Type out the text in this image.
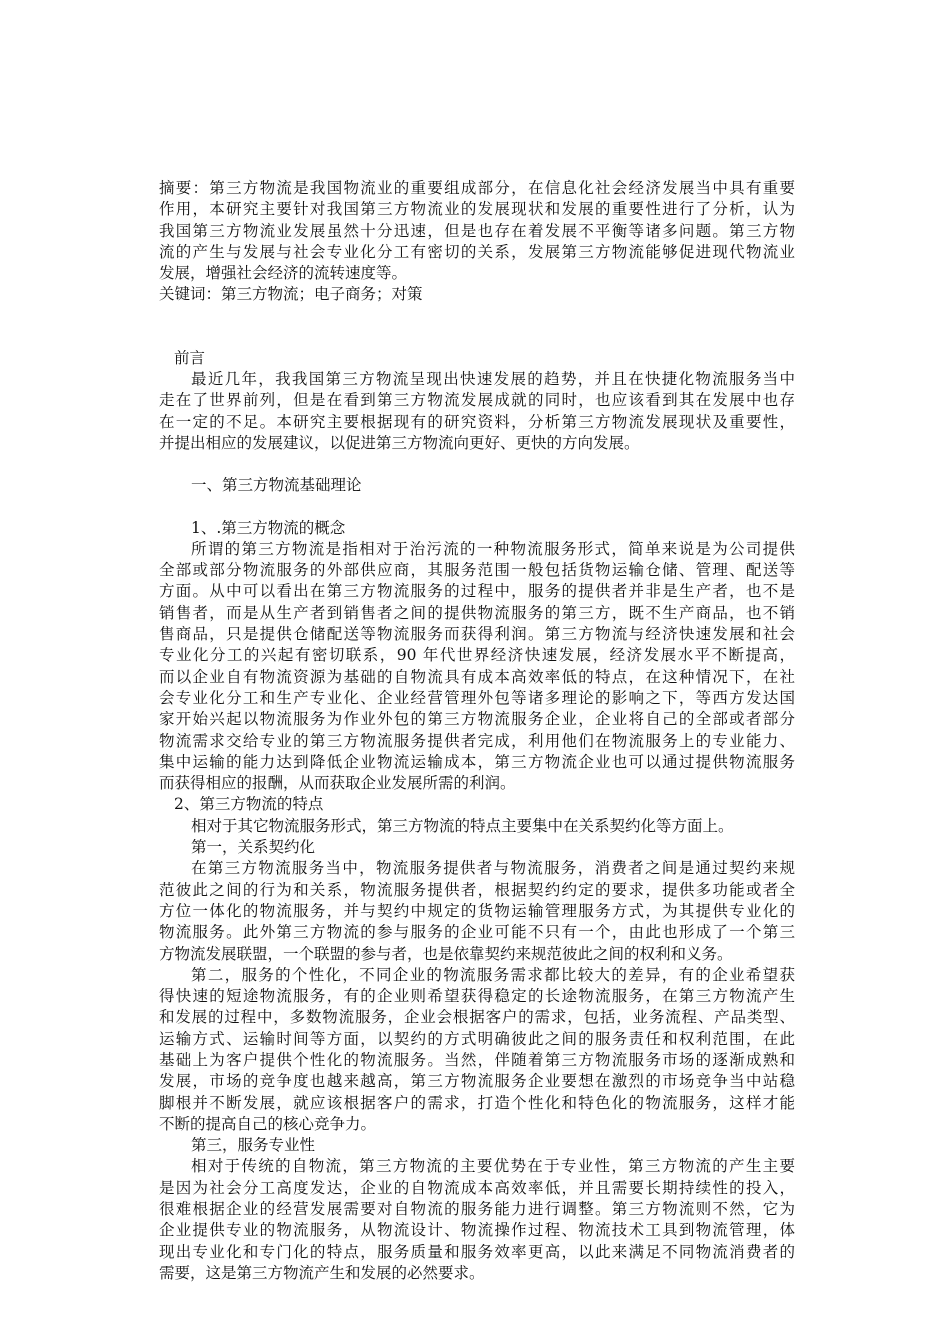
摘要：第三方物流是我国物流业的重要组成部分，在信息化社会经济发展当中具有重要
作用，本研究主要针对我国第三方物流业的发展现状和发展的重要性进行了分析，认为
我国第三方物流业发展虽然十分迅速，但是也存在着发展不平衡等诸多问题。第三方物
流的产生与发展与社会专业化分工有密切的关系，发展第三方物流能够促进现代物流业
发展，增强社会经济的流转速度等。
关键词：第三方物流；电子商务；对策
前言
最近几年，我我国第三方物流呈现出快速发展的趋势，并且在快捷化物流服务当中
走在了世界前列，但是在看到第三方物流发展成就的同时，也应该看到其在发展中也存
在一定的不足。本研究主要根据现有的研究资料，分析第三方物流发展现状及重要性，
并提出相应的发展建议，以促进第三方物流向更好、更快的方向发展。
一、第三方物流基础理论
1、.第三方物流的概念
所谓的第三方物流是指相对于治污流的一种物流服务形式，简单来说是为公司提供
全部或部分物流服务的外部供应商，其服务范围一般包括货物运输仓储、管理、配送等
方面。从中可以看出在第三方物流服务的过程中，服务的提供者并非是生产者，也不是
销售者，而是从生产者到销售者之间的提供物流服务的第三方，既不生产商品，也不销
售商品，只是提供仓储配送等物流服务而获得利润。第三方物流与经济快速发展和社会
专业化分工的兴起有密切联系，90 年代世界经济快速发展，经济发展水平不断提高，
而以企业自有物流资源为基础的自物流具有成本高效率低的特点，在这种情况下，在社
会专业化分工和生产专业化、企业经营管理外包等诸多理论的影响之下，等西方发达国
家开始兴起以物流服务为作业外包的第三方物流服务企业，企业将自己的全部或者部分
物流需求交给专业的第三方物流服务提供者完成，利用他们在物流服务上的专业能力、
集中运输的能力达到降低企业物流运输成本，第三方物流企业也可以通过提供物流服务
而获得相应的报酬，从而获取企业发展所需的利润。
2、第三方物流的特点
相对于其它物流服务形式，第三方物流的特点主要集中在关系契约化等方面上。
第一，关系契约化
在第三方物流服务当中，物流服务提供者与物流服务，消费者之间是通过契约来规
范彼此之间的行为和关系，物流服务提供者，根据契约约定的要求，提供多功能或者全
方位一体化的物流服务，并与契约中规定的货物运输管理服务方式，为其提供专业化的
物流服务。此外第三方物流的参与服务的企业可能不只有一个，由此也形成了一个第三
方物流发展联盟，一个联盟的参与者，也是依靠契约来规范彼此之间的权利和义务。
第二，服务的个性化，不同企业的物流服务需求都比较大的差异，有的企业希望获
得快速的短途物流服务，有的企业则希望获得稳定的长途物流服务，在第三方物流产生
和发展的过程中，多数物流服务，企业会根据客户的需求，包括，业务流程、产品类型、
运输方式、运输时间等方面，以契约的方式明确彼此之间的服务责任和权利范围，在此
基础上为客户提供个性化的物流服务。当然，伴随着第三方物流服务市场的逐渐成熟和
发展，市场的竞争度也越来越高，第三方物流服务企业要想在激烈的市场竞争当中站稳
脚根并不断发展，就应该根据客户的需求，打造个性化和特色化的物流服务，这样才能
不断的提高自己的核心竞争力。
第三，服务专业性
相对于传统的自物流，第三方物流的主要优势在于专业性，第三方物流的产生主要
是因为社会分工高度发达，企业的自物流成本高效率低，并且需要长期持续性的投入，
很难根据企业的经营发展需要对自物流的服务能力进行调整。第三方物流则不然，它为
企业提供专业的物流服务，从物流设计、物流操作过程、物流技术工具到物流管理，体
现出专业化和专门化的特点，服务质量和服务效率更高，以此来满足不同物流消费者的
需要，这是第三方物流产生和发展的必然要求。
